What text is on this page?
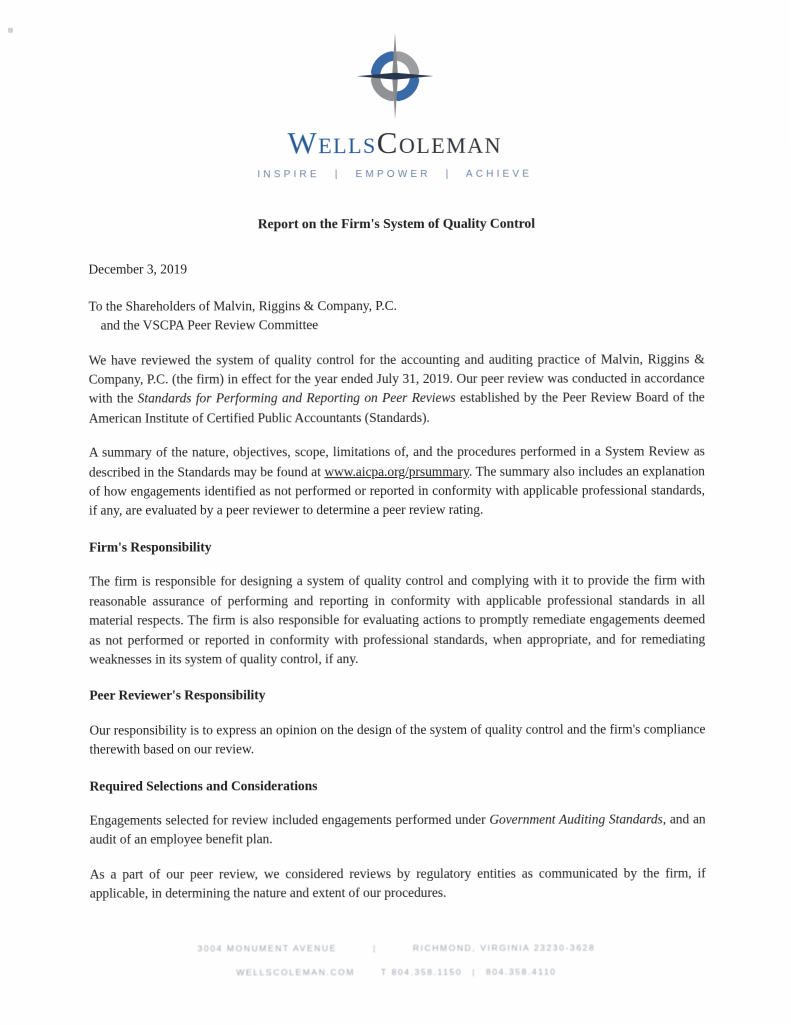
WellsColeman
INSPIRE | EMPOWER | ACHIEVE
Report on the Firm's System of Quality Control
December 3, 2019
To the Shareholders of Malvin, Riggins & Company, P.C.
and the VSCPA Peer Review Committee

We have reviewed the system of quality control for the accounting and auditing practice of Malvin, Riggins & Company, P.C. (the firm) in effect for the year ended July 31, 2019. Our peer review was conducted in accordance with the Standards for Performing and Reporting on Peer Reviews established by the Peer Review Board of the American Institute of Certified Public Accountants (Standards).

A summary of the nature, objectives, scope, limitations of, and the procedures performed in a System Review as described in the Standards may be found at www.aicpa.org/prsummary. The summary also includes an explanation of how engagements identified as not performed or reported in conformity with applicable professional standards, if any, are evaluated by a peer reviewer to determine a peer review rating.

Firm's Responsibility

The firm is responsible for designing a system of quality control and complying with it to provide the firm with reasonable assurance of performing and reporting in conformity with applicable professional standards in all material respects. The firm is also responsible for evaluating actions to promptly remediate engagements deemed as not performed or reported in conformity with professional standards, when appropriate, and for remediating weaknesses in its system of quality control, if any.

Peer Reviewer's Responsibility

Our responsibility is to express an opinion on the design of the system of quality control and the firm's compliance therewith based on our review.

Required Selections and Considerations

Engagements selected for review included engagements performed under Government Auditing Standards, and an audit of an employee benefit plan.

As a part of our peer review, we considered reviews by regulatory entities as communicated by the firm, if applicable, in determining the nature and extent of our procedures.

3004 MONUMENT AVENUE	|	RICHMOND, VIRGINIA 23230-3628
WELLSCOLEMAN.COM	T 804.358.1150 | 804.358.4110
